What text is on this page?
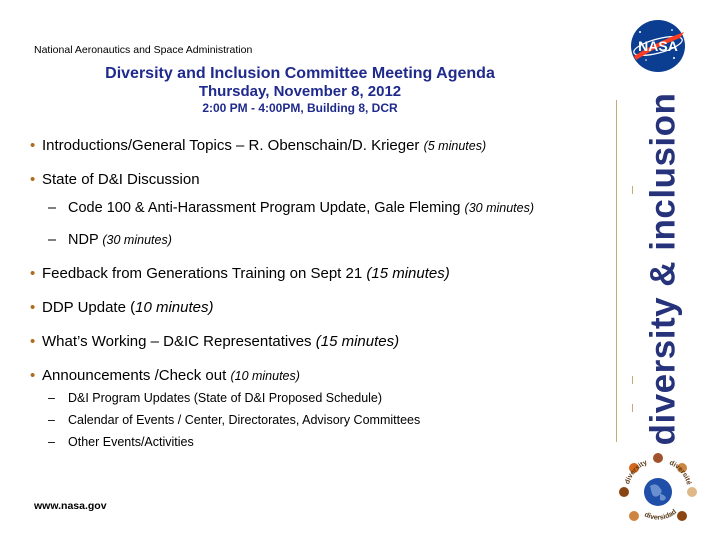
National Aeronautics and Space Administration
Diversity and Inclusion Committee Meeting Agenda
Thursday, November 8, 2012
2:00 PM - 4:00PM, Building 8, DCR
• Introductions/General Topics – R. Obenschain/D. Krieger (5 minutes)
• State of D&I Discussion
– Code 100 & Anti-Harassment Program Update, Gale Fleming (30 minutes)
– NDP (30 minutes)
• Feedback from Generations Training on Sept 21 (15 minutes)
• DDP Update (10 minutes)
• What’s Working – D&IC Representatives (15 minutes)
• Announcements /Check out (10 minutes)
– D&I Program Updates (State of D&I Proposed Schedule)
– Calendar of Events / Center, Directorates, Advisory Committees
– Other Events/Activities
www.nasa.gov
NASA
diversity & inclusion
diversity	diversité
diversidad
